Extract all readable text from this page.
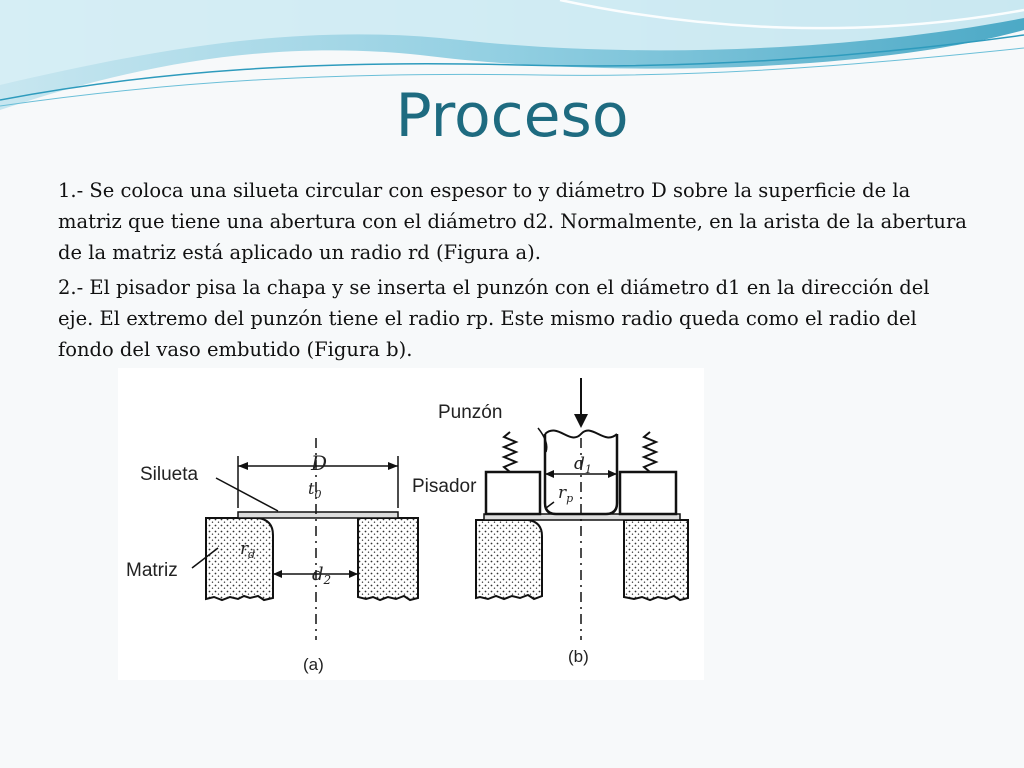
Proceso

1.- Se coloca una silueta circular con espesor to y diámetro D sobre la superficie de la matriz que tiene una abertura con el diámetro d2. Normalmente, en la arista de la abertura de la matriz está aplicado un radio rd (Figura a).

2.- El pisador pisa la chapa y se inserta el punzón con el diámetro d1 en la dirección del eje. El extremo del punzón tiene el radio rp. Este mismo radio queda como el radio del fondo del vaso embutido (Figura b).

D
$d_2$
$t_0$
$r_d$
Silueta
Matriz
(a)
$d_1$
$r_p$
Punzón
Pisador
(b)
